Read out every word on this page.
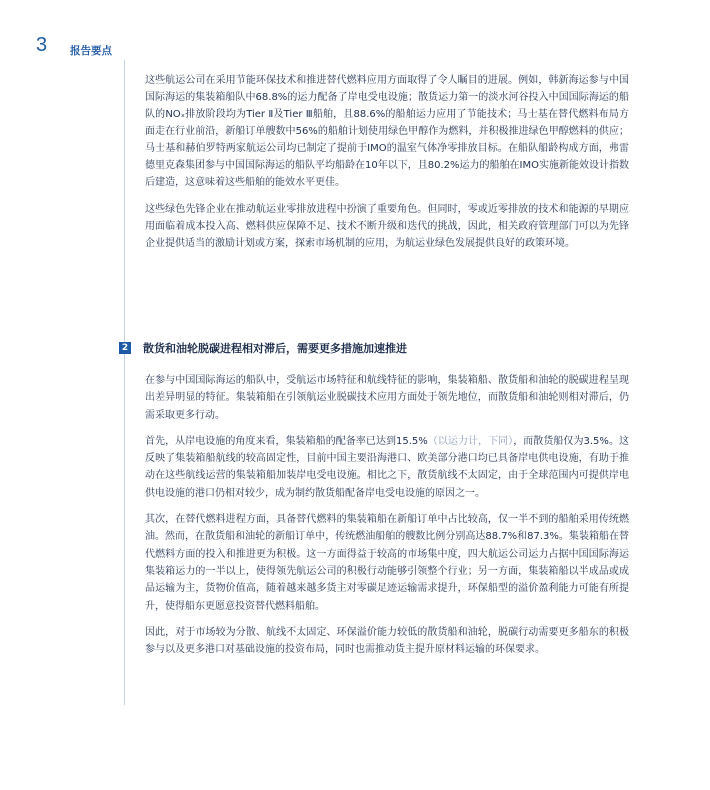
3 报告要点

这些航运公司在采用节能环保技术和推进替代燃料应用方面取得了令人瞩目的进展。例如，韩新海运参与中国国际海运的集装箱船队中68.8%的运力配备了岸电受电设施；散货运力第一的淡水河谷投入中国国际海运的船队的NOₓ排放阶段均为Tier Ⅱ及Tier Ⅲ船舶，且88.6%的船舶运力应用了节能技术；马士基在替代燃料布局方面走在行业前沿，新船订单艘数中56%的船舶计划使用绿色甲醇作为燃料，并积极推进绿色甲醇燃料的供应；马士基和赫伯罗特两家航运公司均已制定了提前于IMO的温室气体净零排放目标。在船队船龄构成方面，弗雷德里克森集团参与中国国际海运的船队平均船龄在10年以下，且80.2%运力的船舶在IMO实施新能效设计指数后建造，这意味着这些船舶的能效水平更佳。

这些绿色先锋企业在推动航运业零排放进程中扮演了重要角色。但同时，零或近零排放的技术和能源的早期应用面临着成本投入高、燃料供应保障不足、技术不断升级和迭代的挑战，因此，相关政府管理部门可以为先锋企业提供适当的激励计划或方案，探索市场机制的应用，为航运业绿色发展提供良好的政策环境。

2 散货和油轮脱碳进程相对滞后，需要更多措施加速推进

在参与中国国际海运的船队中，受航运市场特征和航线特征的影响，集装箱船、散货船和油轮的脱碳进程呈现出差异明显的特征。集装箱船在引领航运业脱碳技术应用方面处于领先地位，而散货船和油轮则相对滞后，仍需采取更多行动。

首先，从岸电设施的角度来看，集装箱船的配备率已达到15.5%（以运力计，下同），而散货船仅为3.5%。这反映了集装箱船航线的较高固定性，目前中国主要沿海港口、欧美部分港口均已具备岸电供电设施，有助于推动在这些航线运营的集装箱船加装岸电受电设施。相比之下，散货航线不太固定，由于全球范围内可提供岸电供电设施的港口仍相对较少，成为制约散货船配备岸电受电设施的原因之一。

其次，在替代燃料进程方面，具备替代燃料的集装箱船在新船订单中占比较高，仅一半不到的船舶采用传统燃油。然而，在散货船和油轮的新船订单中，传统燃油船舶的艘数比例分别高达88.7%和87.3%。集装箱船在替代燃料方面的投入和推进更为积极。这一方面得益于较高的市场集中度，四大航运公司运力占据中国国际海运集装箱运力的一半以上，使得领先航运公司的积极行动能够引领整个行业；另一方面，集装箱船以半成品或成品运输为主，货物价值高，随着越来越多货主对零碳足迹运输需求提升，环保船型的溢价盈利能力可能有所提升，使得船东更愿意投资替代燃料船舶。

因此，对于市场较为分散、航线不太固定、环保溢价能力较低的散货船和油轮，脱碳行动需要更多船东的积极参与以及更多港口对基础设施的投资布局，同时也需推动货主提升原材料运输的环保要求。
